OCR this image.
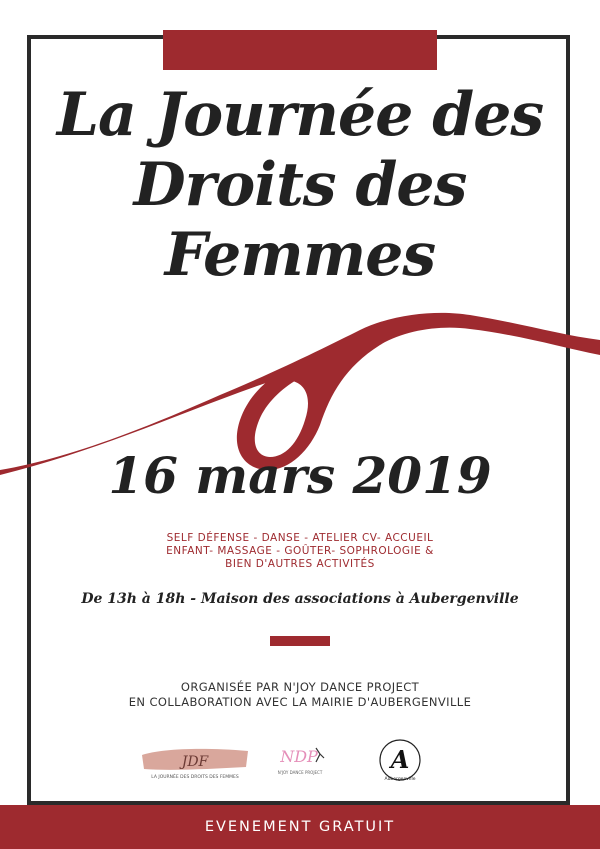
La Journée des
Droits des
Femmes
16 mars 2019
SELF DÉFENSE - DANSE - ATELIER CV- ACCUEIL
ENFANT- MASSAGE - GOÛTER- SOPHROLOGIE &
BIEN D'AUTRES ACTIVITÉS
De 13h à 18h - Maison des associations à Aubergenville
ORGANISÉE PAR N'JOY DANCE PROJECT
EN COLLABORATION AVEC LA MAIRIE D'AUBERGENVILLE
JDF
LA JOURNÉE DES DROITS DES FEMMES
NDP
N'JOY DANCE PROJECT	A
Aubergenville
EVENEMENT GRATUIT
